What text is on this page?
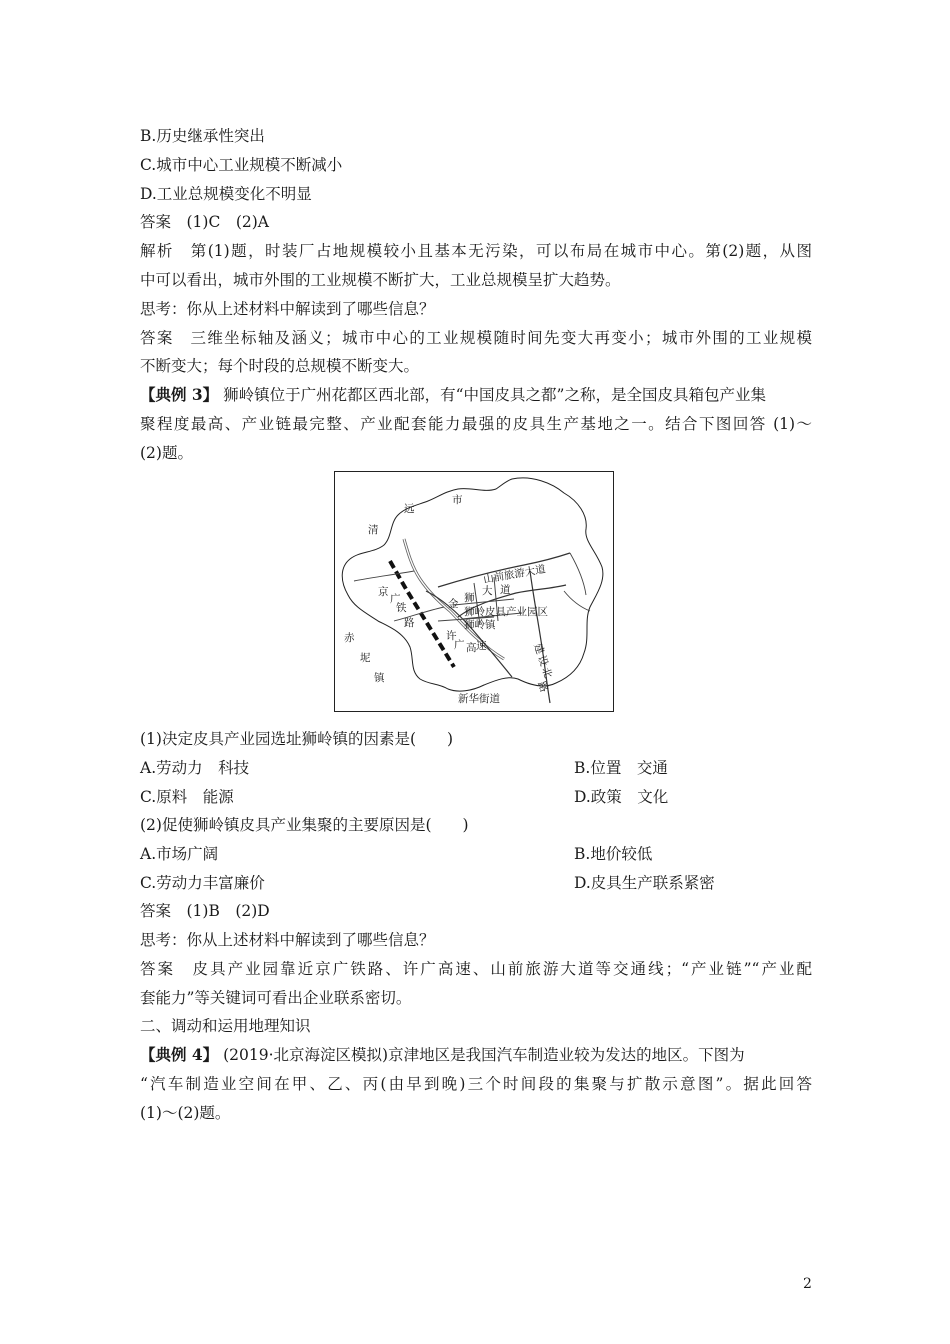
B.历史继承性突出
C.城市中心工业规模不断减小
D.工业总规模变化不明显
答案　(1)C　(2)A
解析　第(1)题，时装厂占地规模较小且基本无污染，可以布局在城市中心。第(2)题，从图
中可以看出，城市外围的工业规模不断扩大，工业总规模呈扩大趋势。
思考：你从上述材料中解读到了哪些信息？
答案　三维坐标轴及涵义；城市中心的工业规模随时间先变大再变小；城市外围的工业规模
不断变大；每个时段的总规模不断变大。
【典例 3】 狮岭镇位于广州花都区西北部，有“中国皮具之都”之称，是全国皮具箱包产业集
聚程度最高、产业链最完整、产业配套能力最强的皮具生产基地之一。结合下图回答 (1)～
(2)题。
市
远
清
京
广
铁
路
山前旅游大道
金 狮
大 道
狮岭皮具产业园区
狮岭镇
许
广 高 速
赤
坭
镇
建
设
北
路
新华街道
(1)决定皮具产业园选址狮岭镇的因素是(　　)
A.劳动力　科技	B.位置　交通
C.原料　能源	D.政策　文化
(2)促使狮岭镇皮具产业集聚的主要原因是(　　)
A.市场广阔	B.地价较低
C.劳动力丰富廉价	D.皮具生产联系紧密
答案　(1)B　(2)D
思考：你从上述材料中解读到了哪些信息？
答案　皮具产业园靠近京广铁路、许广高速、山前旅游大道等交通线；“产业链”“产业配
套能力”等关键词可看出企业联系密切。
二、调动和运用地理知识
【典例 4】 (2019·北京海淀区模拟)京津地区是我国汽车制造业较为发达的地区。下图为
“汽车制造业空间在甲、乙、丙(由早到晚)三个时间段的集聚与扩散示意图”。据此回答
(1)～(2)题。
2
